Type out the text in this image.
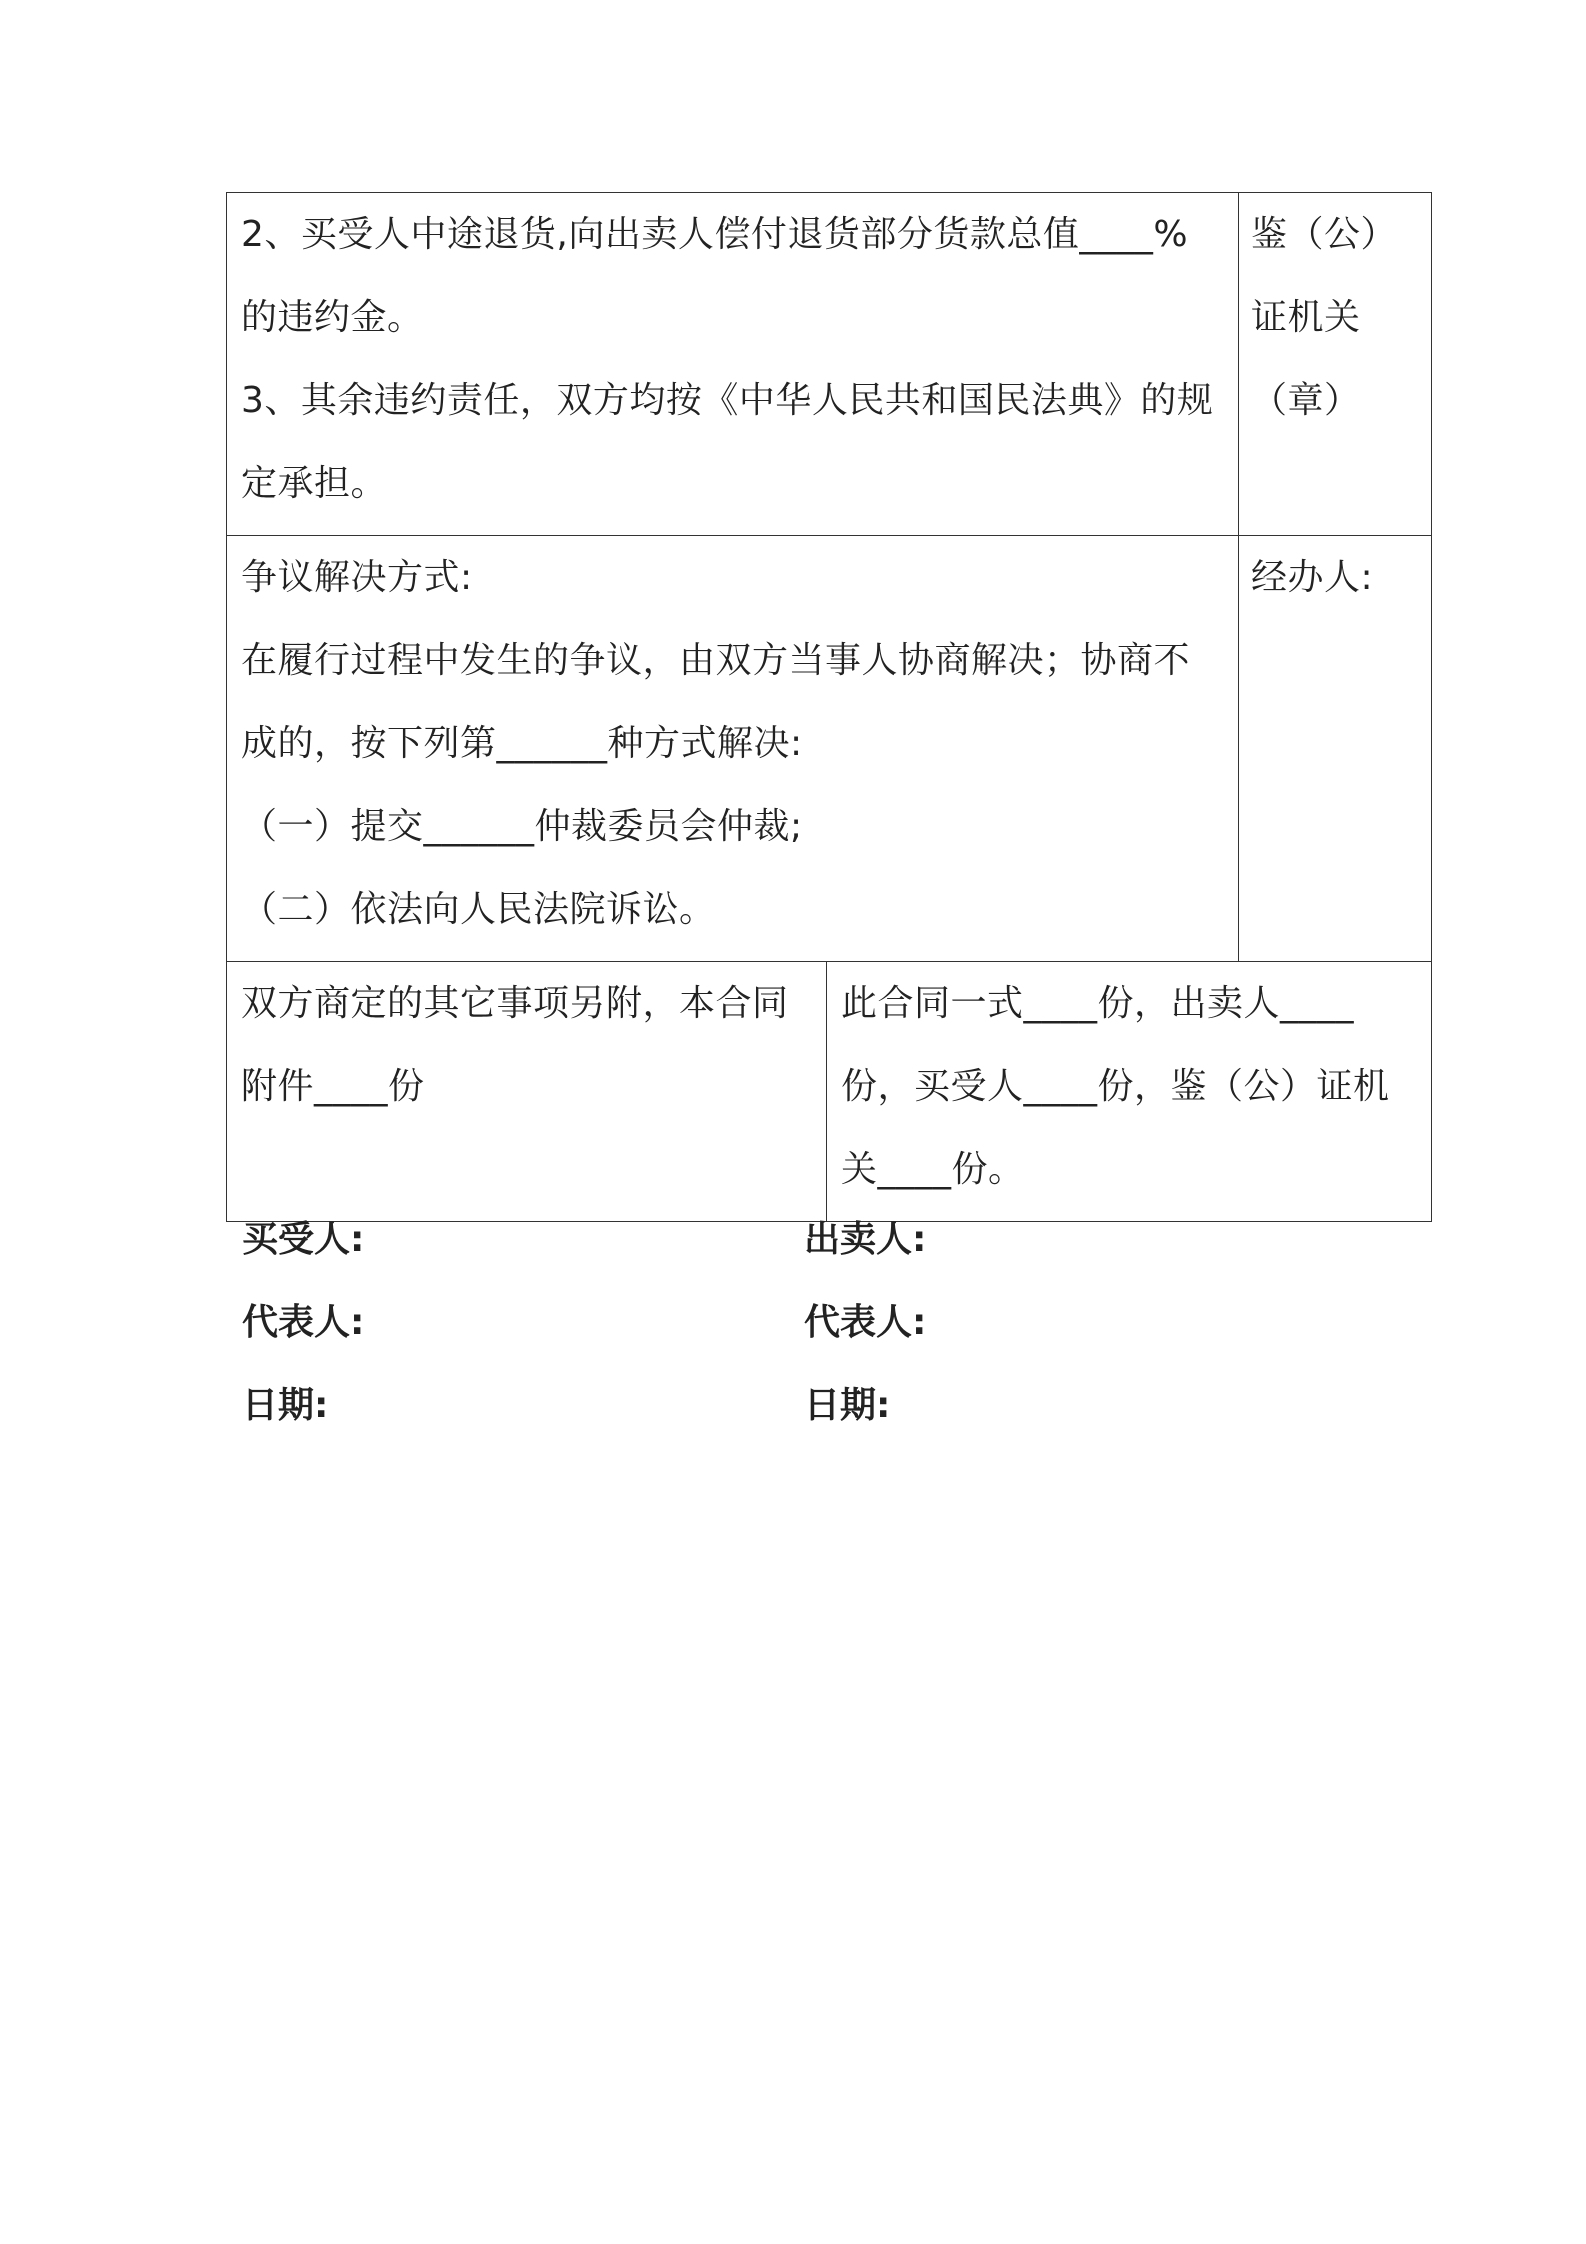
2、买受人中途退货,向出卖人偿付退货部分货款总值____%
的违约金。
3、其余违约责任，双方均按《中华人民共和国民法典》的规
定承担。		鉴（公）
证机关
（章）

争议解决方式:
在履行过程中发生的争议，由双方当事人协商解决；协商不
成的，按下列第______种方式解决:
（一）提交______仲裁委员会仲裁;
（二）依法向人民法院诉讼。		经办人:

双方商定的其它事项另附，本合同
附件____份	此合同一式____份，出卖人____
份，买受人____份，鉴（公）证机
关____份。	
买受人:
代表人:
日期:
出卖人:
代表人:
日期:
